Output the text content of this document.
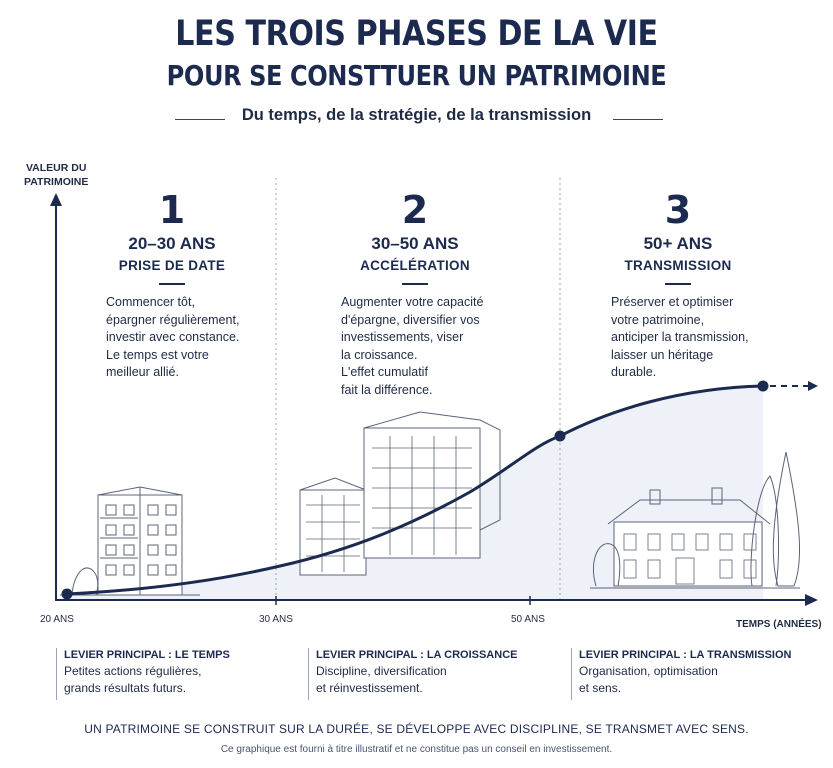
LES TROIS PHASES DE LA VIE
POUR SE CONSTTUER UN PATRIMOINE
Du temps, de la stratégie, de la transmission
VALEUR DU
PATRIMOINE
1
20–30 ANS
PRISE DE DATE
2
30–50 ANS
ACCÉLÉRATION
3
50+ ANS
TRANSMISSION
Commencer tôt,
épargner régulièrement,
investir avec constance.
Le temps est votre
meilleur allié.
Augmenter votre capacité
d'épargne, diversifier vos
investissements, viser
la croissance.
L'effet cumulatif
fait la différence.
Préserver et optimiser
votre patrimoine,
anticiper la transmission,
laisser un héritage
durable.
20 ANS	30 ANS	50 ANS	TEMPS (ANNÉES)
LEVIER PRINCIPAL : LE TEMPS
Petites actions régulières,
grands résultats futurs.
LEVIER PRINCIPAL : LA CROISSANCE
Discipline, diversification
et réinvestissement.
LEVIER PRINCIPAL : LA TRANSMISSION
Organisation, optimisation
et sens.
UN PATRIMOINE SE CONSTRUIT SUR LA DURÉE, SE DÉVELOPPE AVEC DISCIPLINE, SE TRANSMET AVEC SENS.
Ce graphique est fourni à titre illustratif et ne constitue pas un conseil en investissement.
